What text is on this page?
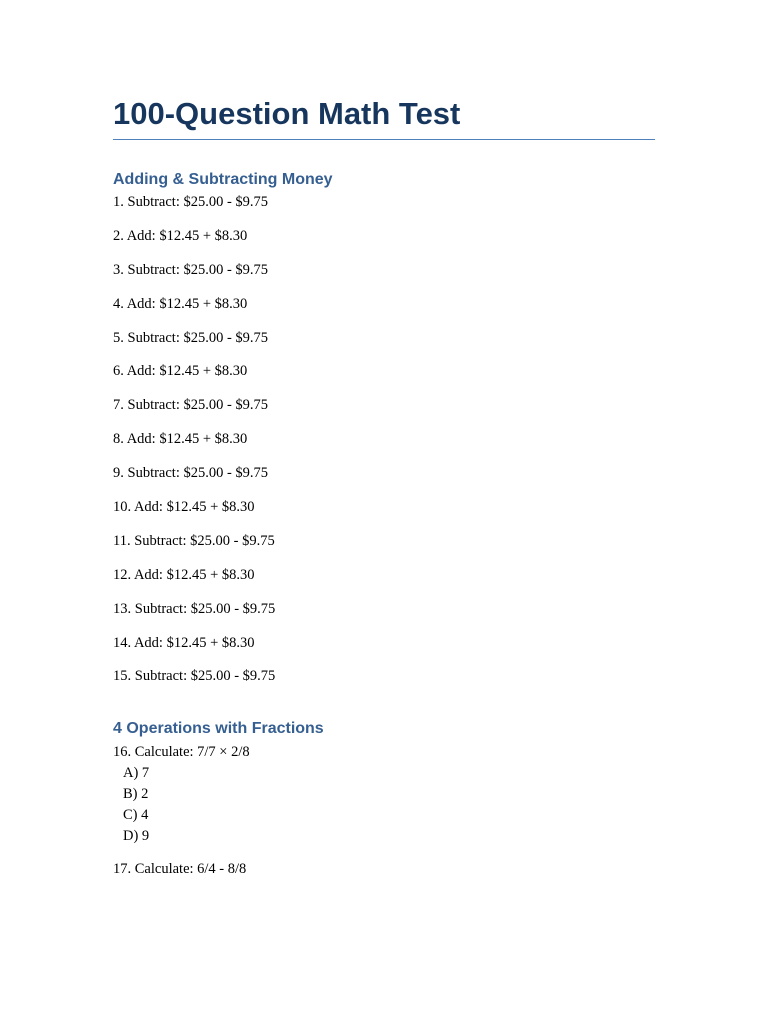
100-Question Math Test
Adding & Subtracting Money

1. Subtract: $25.00 - $9.75

2. Add: $12.45 + $8.30

3. Subtract: $25.00 - $9.75

4. Add: $12.45 + $8.30

5. Subtract: $25.00 - $9.75

6. Add: $12.45 + $8.30

7. Subtract: $25.00 - $9.75

8. Add: $12.45 + $8.30

9. Subtract: $25.00 - $9.75

10. Add: $12.45 + $8.30

11. Subtract: $25.00 - $9.75

12. Add: $12.45 + $8.30

13. Subtract: $25.00 - $9.75

14. Add: $12.45 + $8.30

15. Subtract: $25.00 - $9.75

4 Operations with Fractions

16. Calculate: 7/7 × 2/8

A) 7

B) 2

C) 4

D) 9

17. Calculate: 6/4 - 8/8
